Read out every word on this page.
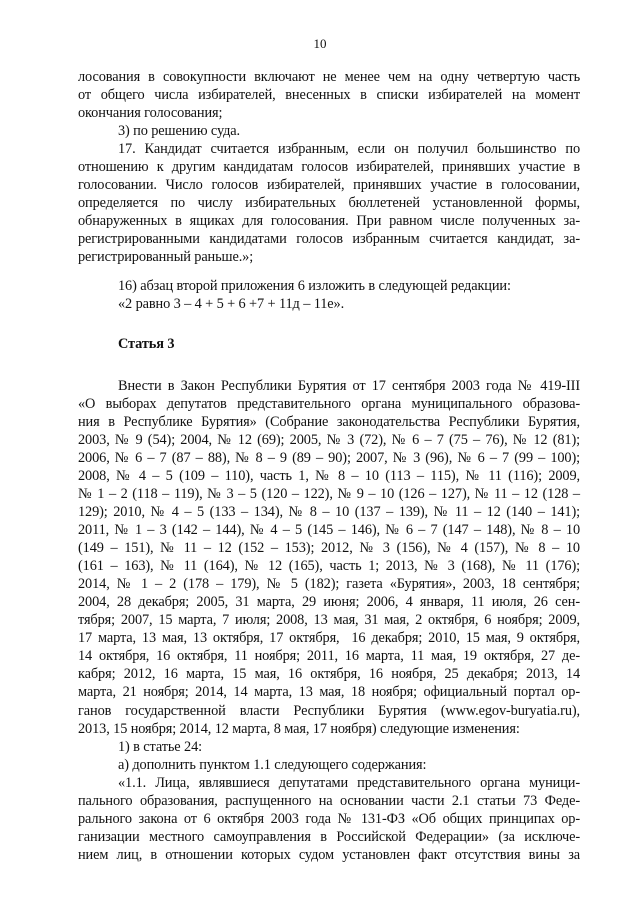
10
лосования в совокупности включают не менее чем на одну четвертую часть
от общего числа избирателей, внесенных в списки избирателей на момент
окончания голосования;
3) по решению суда.
17. Кандидат считается избранным, если он получил большинство по
отношению к другим кандидатам голосов избирателей, принявших участие в
голосовании. Число голосов избирателей, принявших участие в голосовании,
определяется по числу избирательных бюллетеней установленной формы,
обнаруженных в ящиках для голосования. При равном числе полученных за-
регистрированными кандидатами голосов избранным считается кандидат, за-
регистрированный раньше.»;
16) абзац второй приложения 6 изложить в следующей редакции:
«2 равно 3 – 4 + 5 + 6 +7 + 11д – 11е».
Статья 3
Внести в Закон Республики Бурятия от 17 сентября 2003 года № 419-III
«О выборах депутатов представительного органа муниципального образова-
ния в Республике Бурятия» (Собрание законодательства Республики Бурятия,
2003, № 9 (54); 2004, № 12 (69); 2005, № 3 (72), № 6 – 7 (75 – 76), № 12 (81);
2006, № 6 – 7 (87 – 88), № 8 – 9 (89 – 90); 2007, № 3 (96), № 6 – 7 (99 – 100);
2008, № 4 – 5 (109 – 110), часть 1, № 8 – 10 (113 – 115), № 11 (116); 2009,
№ 1 – 2 (118 – 119), № 3 – 5 (120 – 122), № 9 – 10 (126 – 127), № 11 – 12 (128 –
129); 2010, № 4 – 5 (133 – 134), № 8 – 10 (137 – 139), № 11 – 12 (140 – 141);
2011, № 1 – 3 (142 – 144), № 4 – 5 (145 – 146), № 6 – 7 (147 – 148), № 8 – 10
(149 – 151), № 11 – 12 (152 – 153); 2012, № 3 (156), № 4 (157), № 8 – 10
(161 – 163), № 11 (164), № 12 (165), часть 1; 2013, № 3 (168), № 11 (176);
2014, № 1 – 2 (178 – 179), № 5 (182); газета «Бурятия», 2003, 18 сентября;
2004, 28 декабря; 2005, 31 марта, 29 июня; 2006, 4 января, 11 июля, 26 сен-
тября; 2007, 15 марта, 7 июля; 2008, 13 мая, 31 мая, 2 октября, 6 ноября; 2009,
17 марта, 13 мая, 13 октября, 17 октября,  16 декабря; 2010, 15 мая, 9 октября,
14 октября, 16 октября, 11 ноября; 2011, 16 марта, 11 мая, 19 октября, 27 де-
кабря; 2012, 16 марта, 15 мая, 16 октября, 16 ноября, 25 декабря; 2013, 14
марта, 21 ноября; 2014, 14 марта, 13 мая, 18 ноября; официальный портал ор-
ганов государственной власти Республики Бурятия (www.egov-buryatia.ru),
2013, 15 ноября; 2014, 12 марта, 8 мая, 17 ноября) следующие изменения:
1) в статье 24:
а) дополнить пунктом 1.1 следующего содержания:
«1.1. Лица, являвшиеся депутатами представительного органа муници-
пального образования, распущенного на основании части 2.1 статьи 73 Феде-
рального закона от 6 октября 2003 года № 131-ФЗ «Об общих принципах ор-
ганизации местного самоуправления в Российской Федерации» (за исключе-
нием лиц, в отношении которых судом установлен факт отсутствия вины за
